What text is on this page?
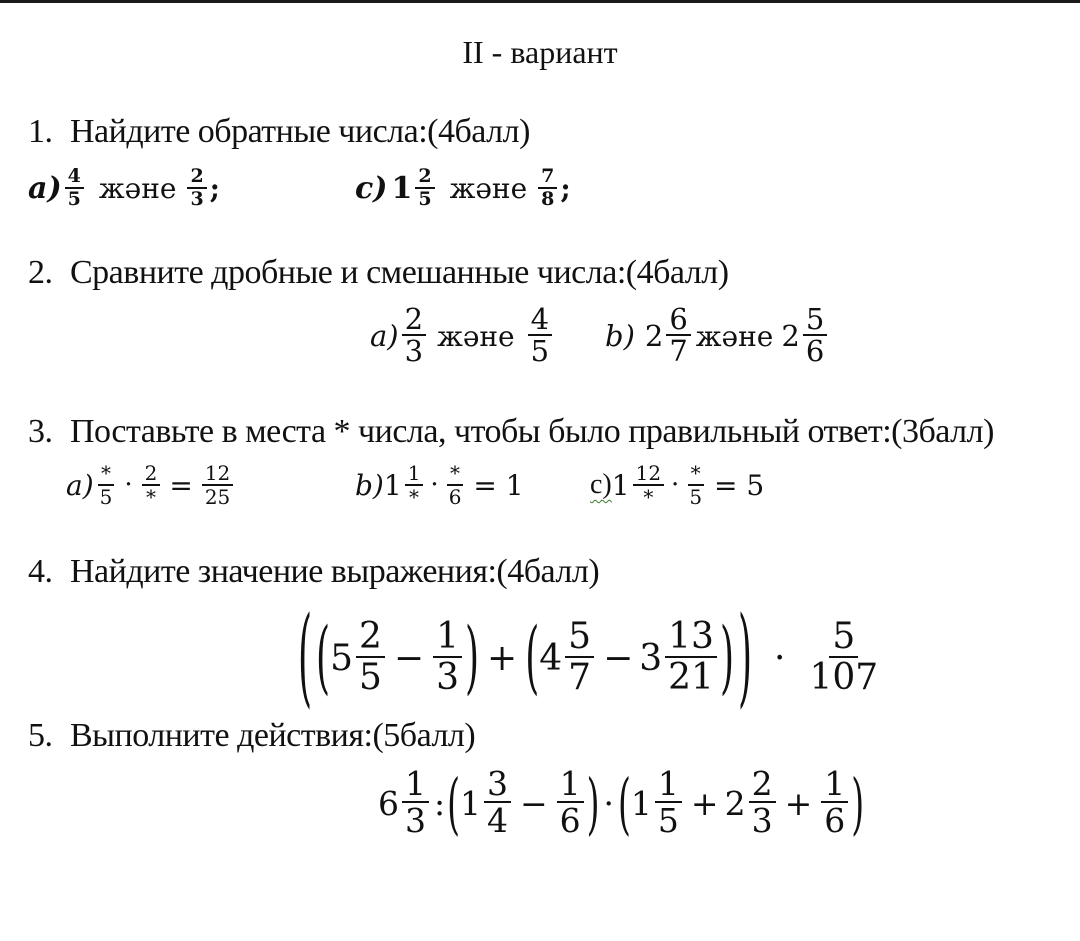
II - вариант
1. Найдите обратные числа:(4балл)
$a) \frac{4}{5}$ және $\frac{2}{3}$ ;	c) $1 \frac{2}{5}$ және $\frac{7}{8}$ ;
2. Сравните дробные и смешанные числа:(4балл)
$a) \frac{2}{3}$ және $\frac{4}{5} b$) $2 \frac{6}{7}$ және $2 \frac{5}{6}$
3. Поставьте в места * числа, чтобы было правильный ответ:(3балл)
$a) \frac{*}{5} \cdot \frac{2}{*} = \frac{12}{25}$	b) $1 \frac{1}{*} \cdot \frac{*}{6} = 1$ c) $1 \frac{12}{*} \cdot \frac{*}{5} = 5$
4. Найдите значение выражения:(4балл)
( ( $5 \frac{2}{5} - \frac{1}{3}$ ) + ( $4 \frac{5}{7} - 3 \frac{13}{21}$ ) ) · $\frac{5}{107}$
5. Выполните действия:(5балл)
$6 \frac{1}{3}$ : ( $1 \frac{3}{4} - \frac{1}{6}$ ) · ( $1 \frac{1}{5} + 2 \frac{2}{3} + \frac{1}{6}$ )
